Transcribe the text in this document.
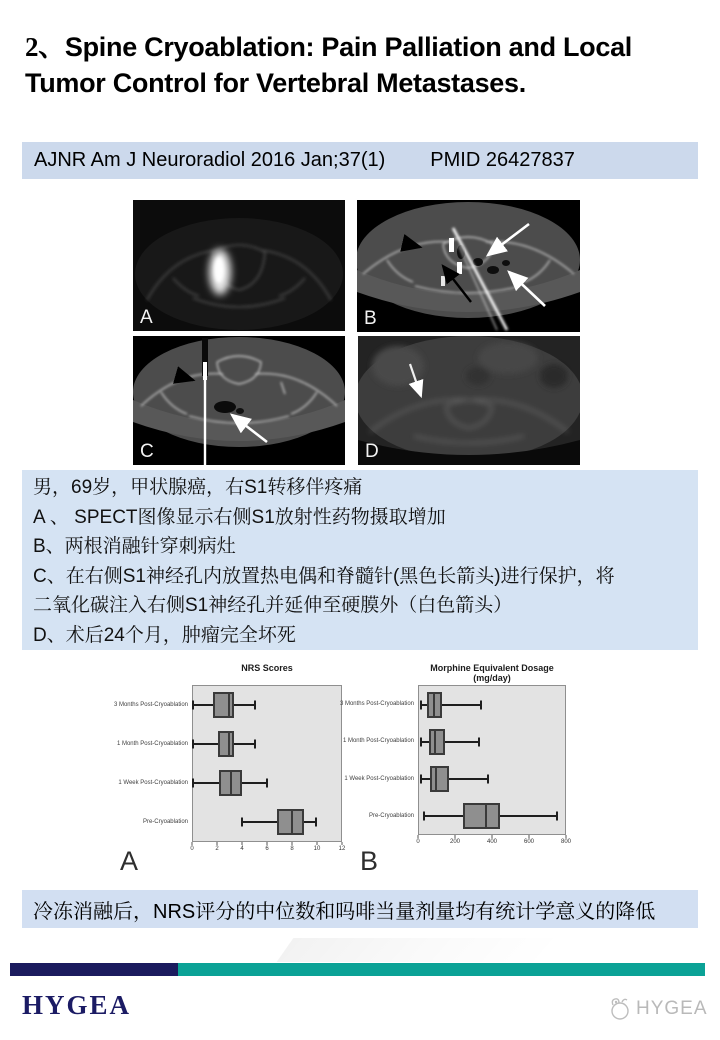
2、Spine Cryoablation: Pain Palliation and Local Tumor Control for Vertebral Metastases.
AJNR Am J Neuroradiol 2016 Jan;37(1) PMID 26427837
A	B
C	D
男，69岁，甲状腺癌，右S1转移伴疼痛
A 、 SPECT图像显示右侧S1放射性药物摄取增加
B、两根消融针穿刺病灶
C、在右侧S1神经孔内放置热电偶和脊髓针(黑色长箭头)进行保护，将
二氧化碳注入右侧S1神经孔并延伸至硬膜外（白色箭头）
D、术后24个月，肿瘤完全坏死
NRS Scores
3 Months Post-Cryoablation
1 Month Post-Cryoablation
1 Week Post-Cryoablation
Pre-Cryoablation
0	2	4	6	8	10	12
A
Morphine Equivalent Dosage (mg/day)
3 Months Post-Cryoablation
1 Month Post-Cryoablation
1 Week Post-Cryoablation
Pre-Cryoablation
0	200	400	600	800
B
冷冻消融后，NRS评分的中位数和吗啡当量剂量均有统计学意义的降低
HYGEA	HYGEA
